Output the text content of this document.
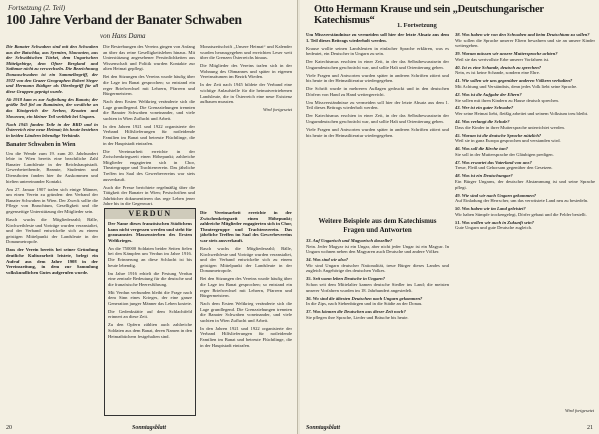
Fortsetzung (2. Teil)
100 Jahre Verband der Banater Schwaben
von Hans Dama

Die Banater Schwaben sind mit den Schwaben aus der Batschka, aus Syrmien, Slawonien, aus der Schwäbischen Türkei, dem Ungarischen Mittelgebirge, dem Ofner Bergland und Sathmar nicht zu verwechseln. Die Bezeichnung Donauschwaben ist ein Sammelbegriff, der 1922 von den Grazer Geographen Robert Sieger und Hermann Rüdiger als Oberbegriff für all diese Gruppen geprägt wurde.

Ab 1918 kam es zur Aufteilung des Banats; der größte Teil fiel an Rumänien, der westliche an das Königreich der Serben, Kroaten und Slowenen, ein kleiner Teil verblieb bei Ungarn.

Nach 1945 fanden Teile in der BRD und in Österreich eine neue Heimat; bis heute bestehen in beiden Ländern lebendige Verbände.

Banater Schwaben in Wien

Um die Wende zum 19. zum 20. Jahrhundert lebte in Wien bereits eine beachtliche Zahl Banater Landsleute in der Reichshauptstadt. Gewerbetreibende, Beamte, Studenten und Dienstboten fanden hier ihr Auskommen und hielten untereinander Kontakt.

Am 27. Januar 1907 trafen sich einige Männer, um einen Verein zu gründen: den Verband der Banater Schwaben in Wien. Der Zweck sollte die Pflege von Brauchtum, Geselligkeit und die gegenseitige Unterstützung der Mitglieder sein.

Rasch wuchs die Mitgliederzahl; Bälle, Kirchweihfeste und Vorträge wurden veranstaltet, und der Verband entwickelte sich zu einem geistigen Mittelpunkt der Landsleute in der Donaumetropole.

Dass der Verein bereits bei seiner Gründung deutliche Kulturarbeit leistete, belegt ein Aufruf aus dem Jahre 1908 in der Vereinszeitung, in dem zur Sammlung volkskundlichen Gutes aufgerufen wurde.

Die Bestrebungen des Vereins gingen von Anfang an über das reine Geselligkeitsleben hinaus. Mit Unterstützung angesehener Persönlichkeiten aus Wissenschaft und Politik wurden Kontakte zur alten Heimat gepflegt.

Bei den Sitzungen des Vereins wurde häufig über die Lage im Banat gesprochen; so entstand ein reger Briefwechsel mit Lehrern, Pfarrern und Bürgermeistern.

Nach dem Ersten Weltkrieg veränderte sich die Lage grundlegend. Die Grenzziehungen trennten die Banater Schwaben voneinander, und viele suchten in Wien Zuflucht und Arbeit.

In den Jahren 1921 und 1922 organisierte der Verband Hilfslieferungen für notleidende Familien im Banat und betreute Flüchtlinge, die in der Hauptstadt eintrafen.

Die Vereinsarbeit erreichte in der Zwischenkriegszeit einen Höhepunkt; zahlreiche Mitglieder engagierten sich in Chor, Theatergruppe und Trachtenverein. Das jährliche Treffen im Saal des Gewerbevereins war stets ausverkauft.

Auch die Presse berichtete regelmäßig über die Tätigkeit der Banater in Wien; Festschriften und Jahrbücher dokumentieren das rege Leben jener Jahre bis in die Gegenwart.

Monatszeitschrift „Unsere Heimat“ und Kalender wurden herausgegeben und erreichten Leser weit über die Grenzen Österreichs hinaus.

Die Mitglieder des Vereins trafen sich in der Wohnung des Obmannes und später in eigenen Vereinsräumen im Bezirk Wieden.

In der Zeit nach 1945 bildete der Verband eine wichtige Anlaufstelle für die heimatvertriebenen Landsleute, die in Österreich eine neue Existenz aufbauen mussten.

Wird fortgesetzt

VERDUN

Der Name dieses französischen Städtchens kann nicht vergessen werden und steht für grausamstes Massensterben des Ersten Weltkrieges.

An die 750000 Soldaten beider Seiten fielen bei den Kämpfen um Verdun im Jahre 1916. Die Erinnerung an diese Schlacht ist bis heute lebendig.

Im Jahre 1916 erhielt die Festung Verdun eine zentrale Bedeutung für die deutsche und die französische Heeresführung.

Mit Verdun verbunden bleibt die Frage nach dem Sinn eines Krieges, der eine ganze Generation junger Männer das Leben kostete.

Die Gedenkstätte auf dem Schlachtfeld erinnert an diese Zeit.

Zu den Opfern zählten auch zahlreiche Soldaten aus dem Banat, deren Namen in den Heimatbüchern festgehalten sind.

Die Vereinsarbeit erreichte in der Zwischenkriegszeit einen Höhepunkt; zahlreiche Mitglieder engagierten sich in Chor, Theatergruppe und Trachtenverein. Das jährliche Treffen im Saal des Gewerbevereins war stets ausverkauft.

Rasch wuchs die Mitgliederzahl; Bälle, Kirchweihfeste und Vorträge wurden veranstaltet, und der Verband entwickelte sich zu einem geistigen Mittelpunkt der Landsleute in der Donaumetropole.

Bei den Sitzungen des Vereins wurde häufig über die Lage im Banat gesprochen; so entstand ein reger Briefwechsel mit Lehrern, Pfarrern und Bürgermeistern.

Nach dem Ersten Weltkrieg veränderte sich die Lage grundlegend. Die Grenzziehungen trennten die Banater Schwaben voneinander, und viele suchten in Wien Zuflucht und Arbeit.

In den Jahren 1921 und 1922 organisierte der Verband Hilfslieferungen für notleidende Familien im Banat und betreute Flüchtlinge, die in der Hauptstadt eintrafen.

20	Sonntagsblatt
Otto Hermann Krause und sein „Deutschungarischer Katechismus“	1. Fortsetzung

Um Missverständnisse zu vermeiden soll hier der letzte Absatz aus dem 1. Teil dieses Beitrags wiederholt werden.

Krause wollte seinen Landsleuten in einfacher Sprache erklären, was es bedeutet, ein Deutscher in Ungarn zu sein.

Der Katechismus erschien in einer Zeit, in der das Selbstbewusstsein der Ungarndeutschen geschwächt war, und sollte Halt und Orientierung geben.

Viele Fragen und Antworten wurden später in anderen Schriften zitiert und bis heute in der Heimatliteratur wiedergegeben.

Die Schrift wurde in mehreren Auflagen gedruckt und in den deutschen Dörfern von Hand zu Hand weitergereicht.

Um Missverständnisse zu vermeiden soll hier der letzte Absatz aus dem 1. Teil dieses Beitrags wiederholt werden.

Der Katechismus erschien in einer Zeit, in der das Selbstbewusstsein der Ungarndeutschen geschwächt war, und sollte Halt und Orientierung geben.

Viele Fragen und Antworten wurden später in anderen Schriften zitiert und bis heute in der Heimatliteratur wiedergegeben.

Weitere Beispiele aus dem Katechismus
Fragen und Antworten

33. Auf Ungarisch und Magyarisch dasselbe?
Nein. Jeder Magyar ist ein Ungar, aber nicht jeder Ungar ist ein Magyar. In Ungarn wohnen neben den Magyaren auch Deutsche und andere Völker.

34. Was sind wir also?
Wir sind Ungarn deutscher Nationalität, treue Bürger dieses Landes und zugleich Angehörige des deutschen Volkes.

35. Seit wann leben Deutsche in Ungarn?
Schon seit dem Mittelalter kamen deutsche Siedler ins Land; die meisten unserer Vorfahren wurden im 18. Jahrhundert angesiedelt.

36. Wo sind die ältesten Deutschen nach Ungarn gekommen?
In die Zips, nach Siebenbürgen und in die Städte an der Donau.

37. Was können die Deutschen aus dieser Zeit noch?
Sie pflegen ihre Sprache, Lieder und Bräuche bis heute.

38. Was haben wir von den Schwaben und beim Deutschtum zu sollen?
Wir sollen die Sprache unserer Eltern bewahren und sie an unsere Kinder weitergeben.

39. Warum müssen wir unsere Muttersprache achten?
Weil sie das wertvollste Erbe unserer Vorfahren ist.

40. Ist es eine Schande, deutsch zu sprechen?
Nein, es ist keine Schande, sondern eine Ehre.

41. Wie sollen wir uns gegenüber anderen Völkern verhalten?
Mit Achtung und Verständnis, denn jedes Volk liebt seine Sprache.

42. Was ist die Aufgabe der Eltern?
Sie sollen mit ihren Kindern zu Hause deutsch sprechen.

43. Wer ist ein guter Schwabe?
Wer seine Heimat liebt, fleißig arbeitet und seinem Volkstum treu bleibt.

44. Was verlangt die Schule?
Dass die Kinder in ihrer Muttersprache unterrichtet werden.

45. Warum ist die deutsche Sprache nützlich?
Weil sie in ganz Europa gesprochen und verstanden wird.

46. Was soll die Kirche tun?
Sie soll in der Muttersprache der Gläubigen predigen.

47. Was erwartet das Vaterland von uns?
Treue, Fleiß und Gehorsam gegenüber den Gesetzen.

48. Was ist ein Deutschungar?
Ein Bürger Ungarns, der deutscher Abstammung ist und seine Sprache pflegt.

49. Wie sind wir nach Ungarn gekommen?
Auf Einladung der Herrscher, um das verwüstete Land neu zu besiedeln.

50. Was haben wir im Land geleistet?
Wir haben Sümpfe trockengelegt, Dörfer gebaut und die Felder bestellt.

51. Was wollen wir auch in Zukunft sein?
Gute Ungarn und gute Deutsche zugleich.

21
Sonntagsblatt
Wird fortgesetzt
